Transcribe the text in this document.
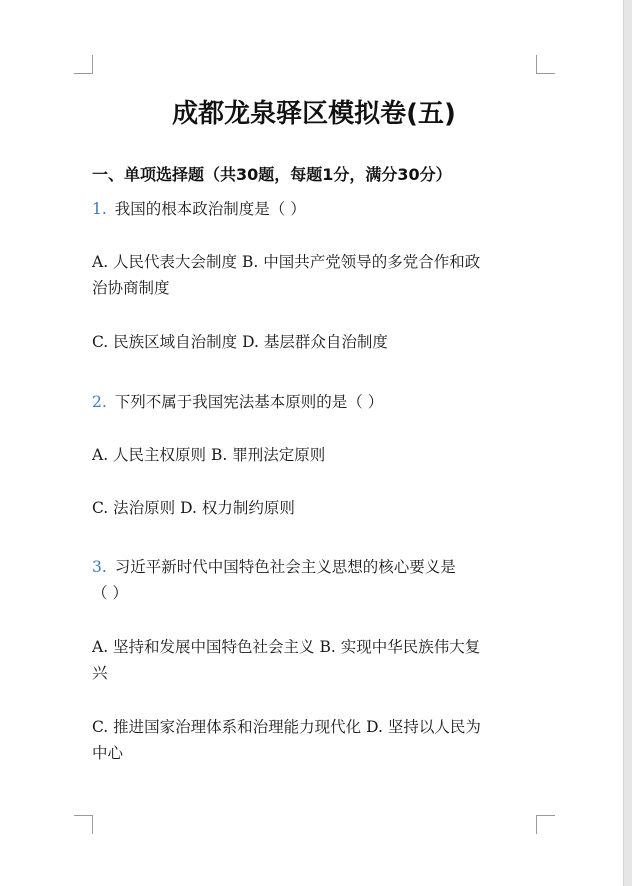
成都龙泉驿区模拟卷(五)
一、单项选择题（共30题，每题1分，满分30分）
1. 我国的根本政治制度是（ ）
A. 人民代表大会制度 B. 中国共产党领导的多党合作和政
治协商制度
C. 民族区域自治制度 D. 基层群众自治制度
2. 下列不属于我国宪法基本原则的是（ ）
A. 人民主权原则 B. 罪刑法定原则
C. 法治原则 D. 权力制约原则
3. 习近平新时代中国特色社会主义思想的核心要义是
（ ）
A. 坚持和发展中国特色社会主义 B. 实现中华民族伟大复
兴
C. 推进国家治理体系和治理能力现代化 D. 坚持以人民为
中心
